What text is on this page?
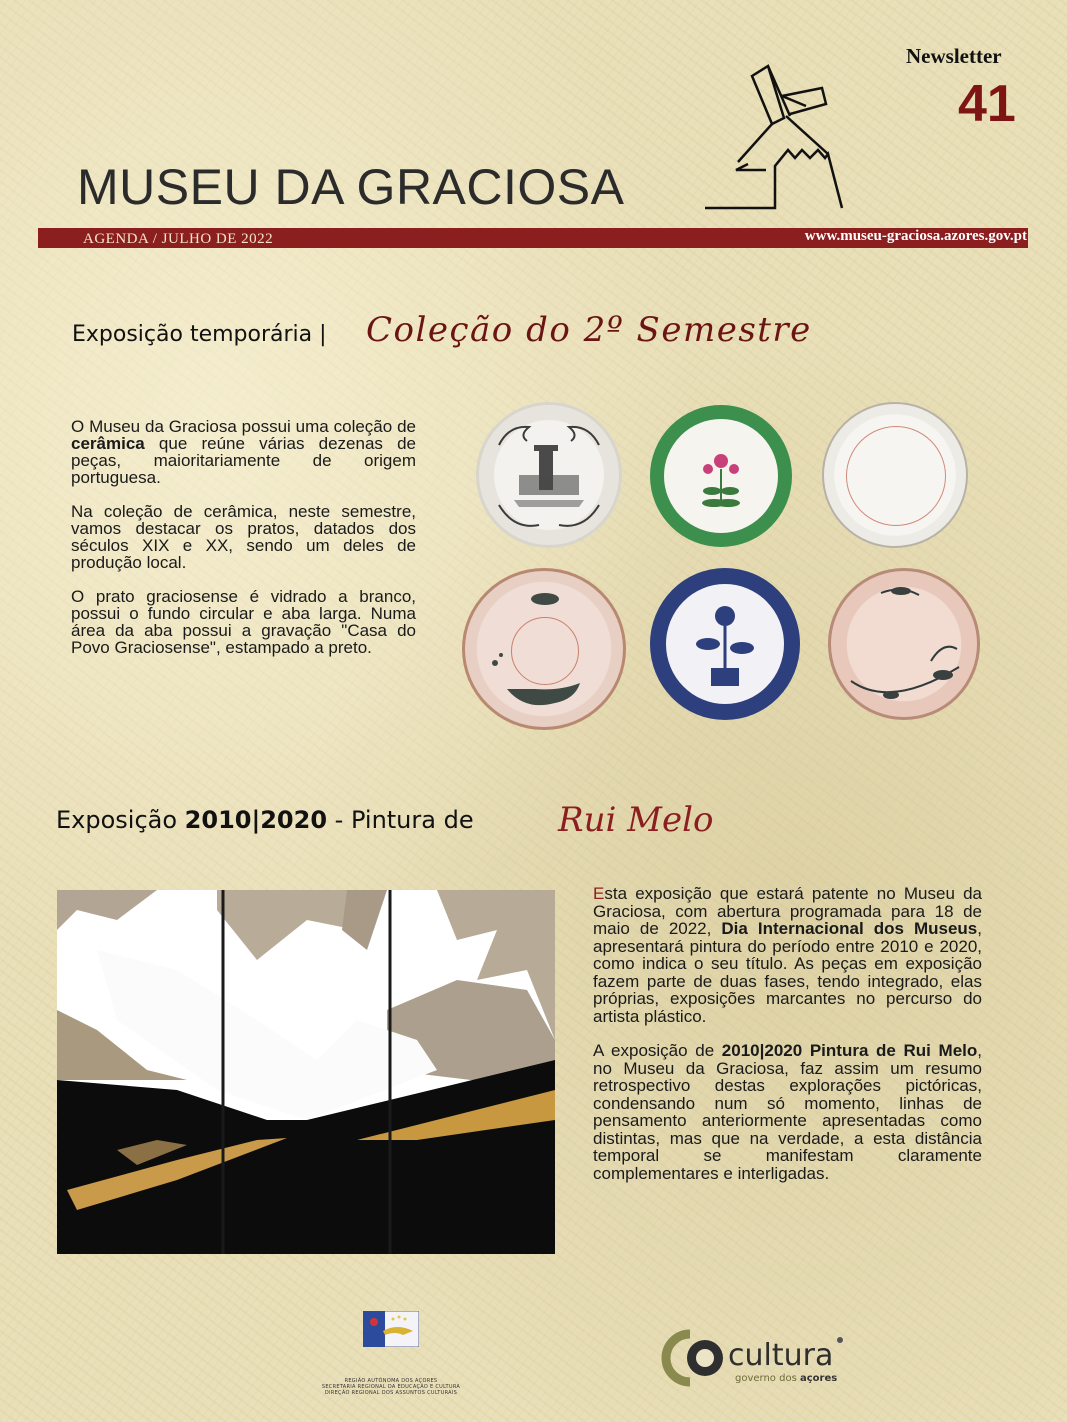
Newsletter
41
MUSEU DA GRACIOSA
AGENDA / JULHO DE 2022	www.museu-graciosa.azores.gov.pt
Exposição temporária | Coleção do 2º Semestre

O Museu da Graciosa possui uma coleção de cerâmica que reúne várias dezenas de peças, maioritariamente de origem portuguesa.

Na coleção de cerâmica, neste semestre, vamos destacar os pratos, datados dos séculos XIX e XX, sendo um deles de produção local.

O prato graciosense é vidrado a branco, possui o fundo circular e aba larga. Numa área da aba possui a gravação "Casa do Povo Graciosense", estampado a preto.

Exposição 2010|2020 - Pintura de Rui Melo

Esta exposição que estará patente no Museu da Graciosa, com abertura programada para 18 de maio de 2022, Dia Internacional dos Museus, apresentará pintura do período entre 2010 e 2020, como indica o seu título. As peças em exposição fazem parte de duas fases, tendo integrado, elas próprias, exposições marcantes no percurso do artista plástico.

A exposição de 2010|2020 Pintura de Rui Melo, no Museu da Graciosa, faz assim um resumo retrospectivo destas explorações pictóricas, condensando num só momento, linhas de pensamento anteriormente apresentadas como distintas, mas que na verdade, a esta distância temporal se manifestam claramente complementares e interligadas.

REGIÃO AUTÓNOMA DOS AÇORES
SECRETARIA REGIONAL DA EDUCAÇÃO E CULTURA
DIREÇÃO REGIONAL DOS ASSUNTOS CULTURAIS
cultura
governo dos açores
